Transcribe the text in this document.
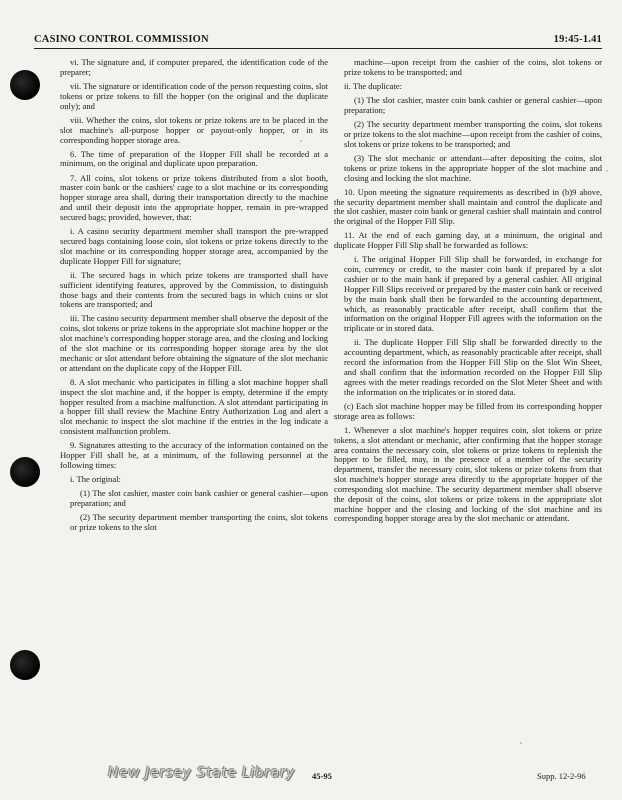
CASINO CONTROL COMMISSION	19:45-1.41

vi. The signature and, if computer prepared, the identification code of the preparer;

vii. The signature or identification code of the person requesting coins, slot tokens or prize tokens to fill the hopper (on the original and the duplicate only); and

viii. Whether the coins, slot tokens or prize tokens are to be placed in the slot machine's all-purpose hopper or payout-only hopper, or in its corresponding hopper storage area.

6. The time of preparation of the Hopper Fill shall be recorded at a minimum, on the original and duplicate upon preparation.

7. All coins, slot tokens or prize tokens distributed from a slot booth, master coin bank or the cashiers' cage to a slot machine or its corresponding hopper storage area shall, during their transportation directly to the machine and until their deposit into the appropriate hopper, remain in pre-wrapped secured bags; provided, however, that:

i. A casino security department member shall transport the pre-wrapped secured bags containing loose coin, slot tokens or prize tokens directly to the slot machine or its corresponding hopper storage area, accompanied by the duplicate Hopper Fill for signature;

ii. The secured bags in which prize tokens are transported shall have sufficient identifying features, approved by the Commission, to distinguish those bags and their contents from the secured bags in which coins or slot tokens are transported; and

iii. The casino security department member shall observe the deposit of the coins, slot tokens or prize tokens in the appropriate slot machine hopper or the slot machine's corresponding hopper storage area, and the closing and locking of the slot machine or its corresponding hopper storage area by the slot mechanic or slot attendant before obtaining the signature of the slot mechanic or attendant on the duplicate copy of the Hopper Fill.

8. A slot mechanic who participates in filling a slot machine hopper shall inspect the slot machine and, if the hopper is empty, determine if the empty hopper resulted from a machine malfunction. A slot attendant participating in a hopper fill shall review the Machine Entry Authorization Log and alert a slot mechanic to inspect the slot machine if the entries in the log indicate a consistent malfunction problem.

9. Signatures attesting to the accuracy of the information contained on the Hopper Fill shall be, at a minimum, of the following personnel at the following times:

i. The original:

(1) The slot cashier, master coin bank cashier or general cashier—upon preparation; and

(2) The security department member transporting the coins, slot tokens or prize tokens to the slot

machine—upon receipt from the cashier of the coins, slot tokens or prize tokens to be transported; and

ii. The duplicate:

(1) The slot cashier, master coin bank cashier or general cashier—upon preparation;

(2) The security department member transporting the coins, slot tokens or prize tokens to the slot machine—upon receipt from the cashier of coins, slot tokens or prize tokens to be transported; and

(3) The slot mechanic or attendant—after depositing the coins, slot tokens or prize tokens in the appropriate hopper of the slot machine and closing and locking the slot machine.

10. Upon meeting the signature requirements as described in (b)9 above, the security department member shall maintain and control the duplicate and the slot cashier, master coin bank or general cashier shall maintain and control the original of the Hopper Fill Slip.

11. At the end of each gaming day, at a minimum, the original and duplicate Hopper Fill Slip shall be forwarded as follows:

i. The original Hopper Fill Slip shall be forwarded, in exchange for coin, currency or credit, to the master coin bank if prepared by a slot cashier or to the main bank if prepared by a general cashier. All original Hopper Fill Slips received or prepared by the master coin bank or received by the main bank shall then be forwarded to the accounting department, which, as reasonably practicable after receipt, shall confirm that the information on the original Hopper Fill agrees with the information on the triplicate or in stored data.

ii. The duplicate Hopper Fill Slip shall be forwarded directly to the accounting department, which, as reasonably practicable after receipt, shall record the information from the Hopper Fill Slip on the Slot Win Sheet, and shall confirm that the information recorded on the Hopper Fill Slip agrees with the meter readings recorded on the Slot Meter Sheet and with the information on the triplicates or in stored data.

(c) Each slot machine hopper may be filled from its corresponding hopper storage area as follows:

1. Whenever a slot machine's hopper requires coin, slot tokens or prize tokens, a slot attendant or mechanic, after confirming that the hopper storage area contains the necessary coin, slot tokens or prize tokens to replenish the hopper to be filled, may, in the presence of a member of the security department, transfer the necessary coin, slot tokens or prize tokens from that slot machine's hopper storage area directly to the appropriate hopper of the corresponding slot machine. The security department member shall observe the deposit of the coins, slot tokens or prize tokens in the appropriate slot machine hopper and the closing and locking of the slot machine and its corresponding hopper storage area by the slot mechanic or attendant.

New Jersey State Library 45-95	Supp. 12-2-96
